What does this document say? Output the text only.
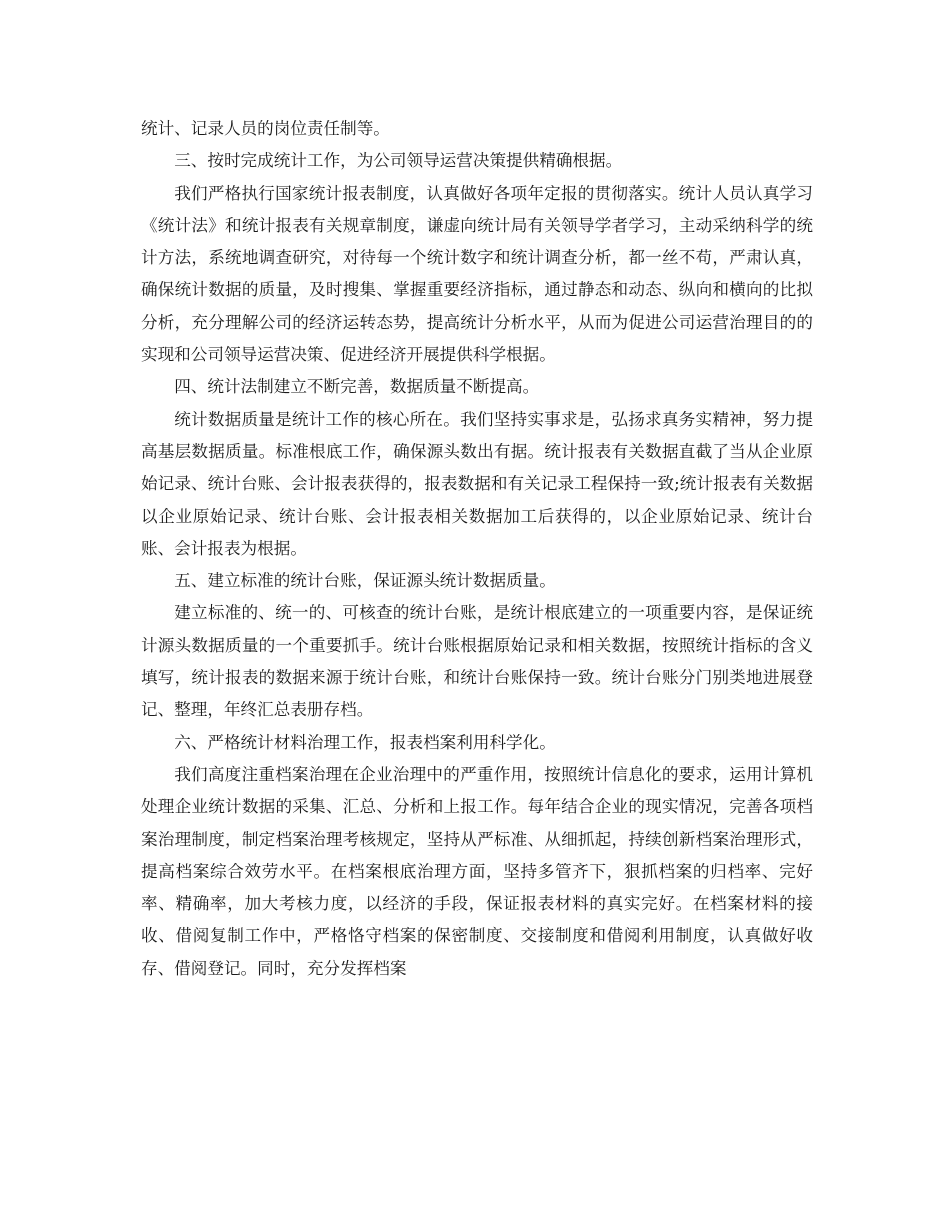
统计、记录人员的岗位责任制等。

三、按时完成统计工作，为公司领导运营决策提供精确根据。

我们严格执行国家统计报表制度，认真做好各项年定报的贯彻落实。统计人员认真学习《统计法》和统计报表有关规章制度，谦虚向统计局有关领导学者学习，主动采纳科学的统计方法，系统地调查研究，对待每一个统计数字和统计调查分析，都一丝不苟，严肃认真，确保统计数据的质量，及时搜集、掌握重要经济指标，通过静态和动态、纵向和横向的比拟分析，充分理解公司的经济运转态势，提高统计分析水平，从而为促进公司运营治理目的的实现和公司领导运营决策、促进经济开展提供科学根据。

四、统计法制建立不断完善，数据质量不断提高。

统计数据质量是统计工作的核心所在。我们坚持实事求是，弘扬求真务实精神，努力提高基层数据质量。标准根底工作，确保源头数出有据。统计报表有关数据直截了当从企业原始记录、统计台账、会计报表获得的，报表数据和有关记录工程保持一致;统计报表有关数据以企业原始记录、统计台账、会计报表相关数据加工后获得的，以企业原始记录、统计台账、会计报表为根据。

五、建立标准的统计台账，保证源头统计数据质量。

建立标准的、统一的、可核查的统计台账，是统计根底建立的一项重要内容，是保证统计源头数据质量的一个重要抓手。统计台账根据原始记录和相关数据，按照统计指标的含义填写，统计报表的数据来源于统计台账，和统计台账保持一致。统计台账分门别类地进展登记、整理，年终汇总表册存档。

六、严格统计材料治理工作，报表档案利用科学化。

我们高度注重档案治理在企业治理中的严重作用，按照统计信息化的要求，运用计算机处理企业统计数据的采集、汇总、分析和上报工作。每年结合企业的现实情况，完善各项档案治理制度，制定档案治理考核规定，坚持从严标准、从细抓起，持续创新档案治理形式，提高档案综合效劳水平。在档案根底治理方面，坚持多管齐下，狠抓档案的归档率、完好率、精确率，加大考核力度，以经济的手段，保证报表材料的真实完好。在档案材料的接收、借阅复制工作中，严格恪守档案的保密制度、交接制度和借阅利用制度，认真做好收存、借阅登记。同时，充分发挥档案
